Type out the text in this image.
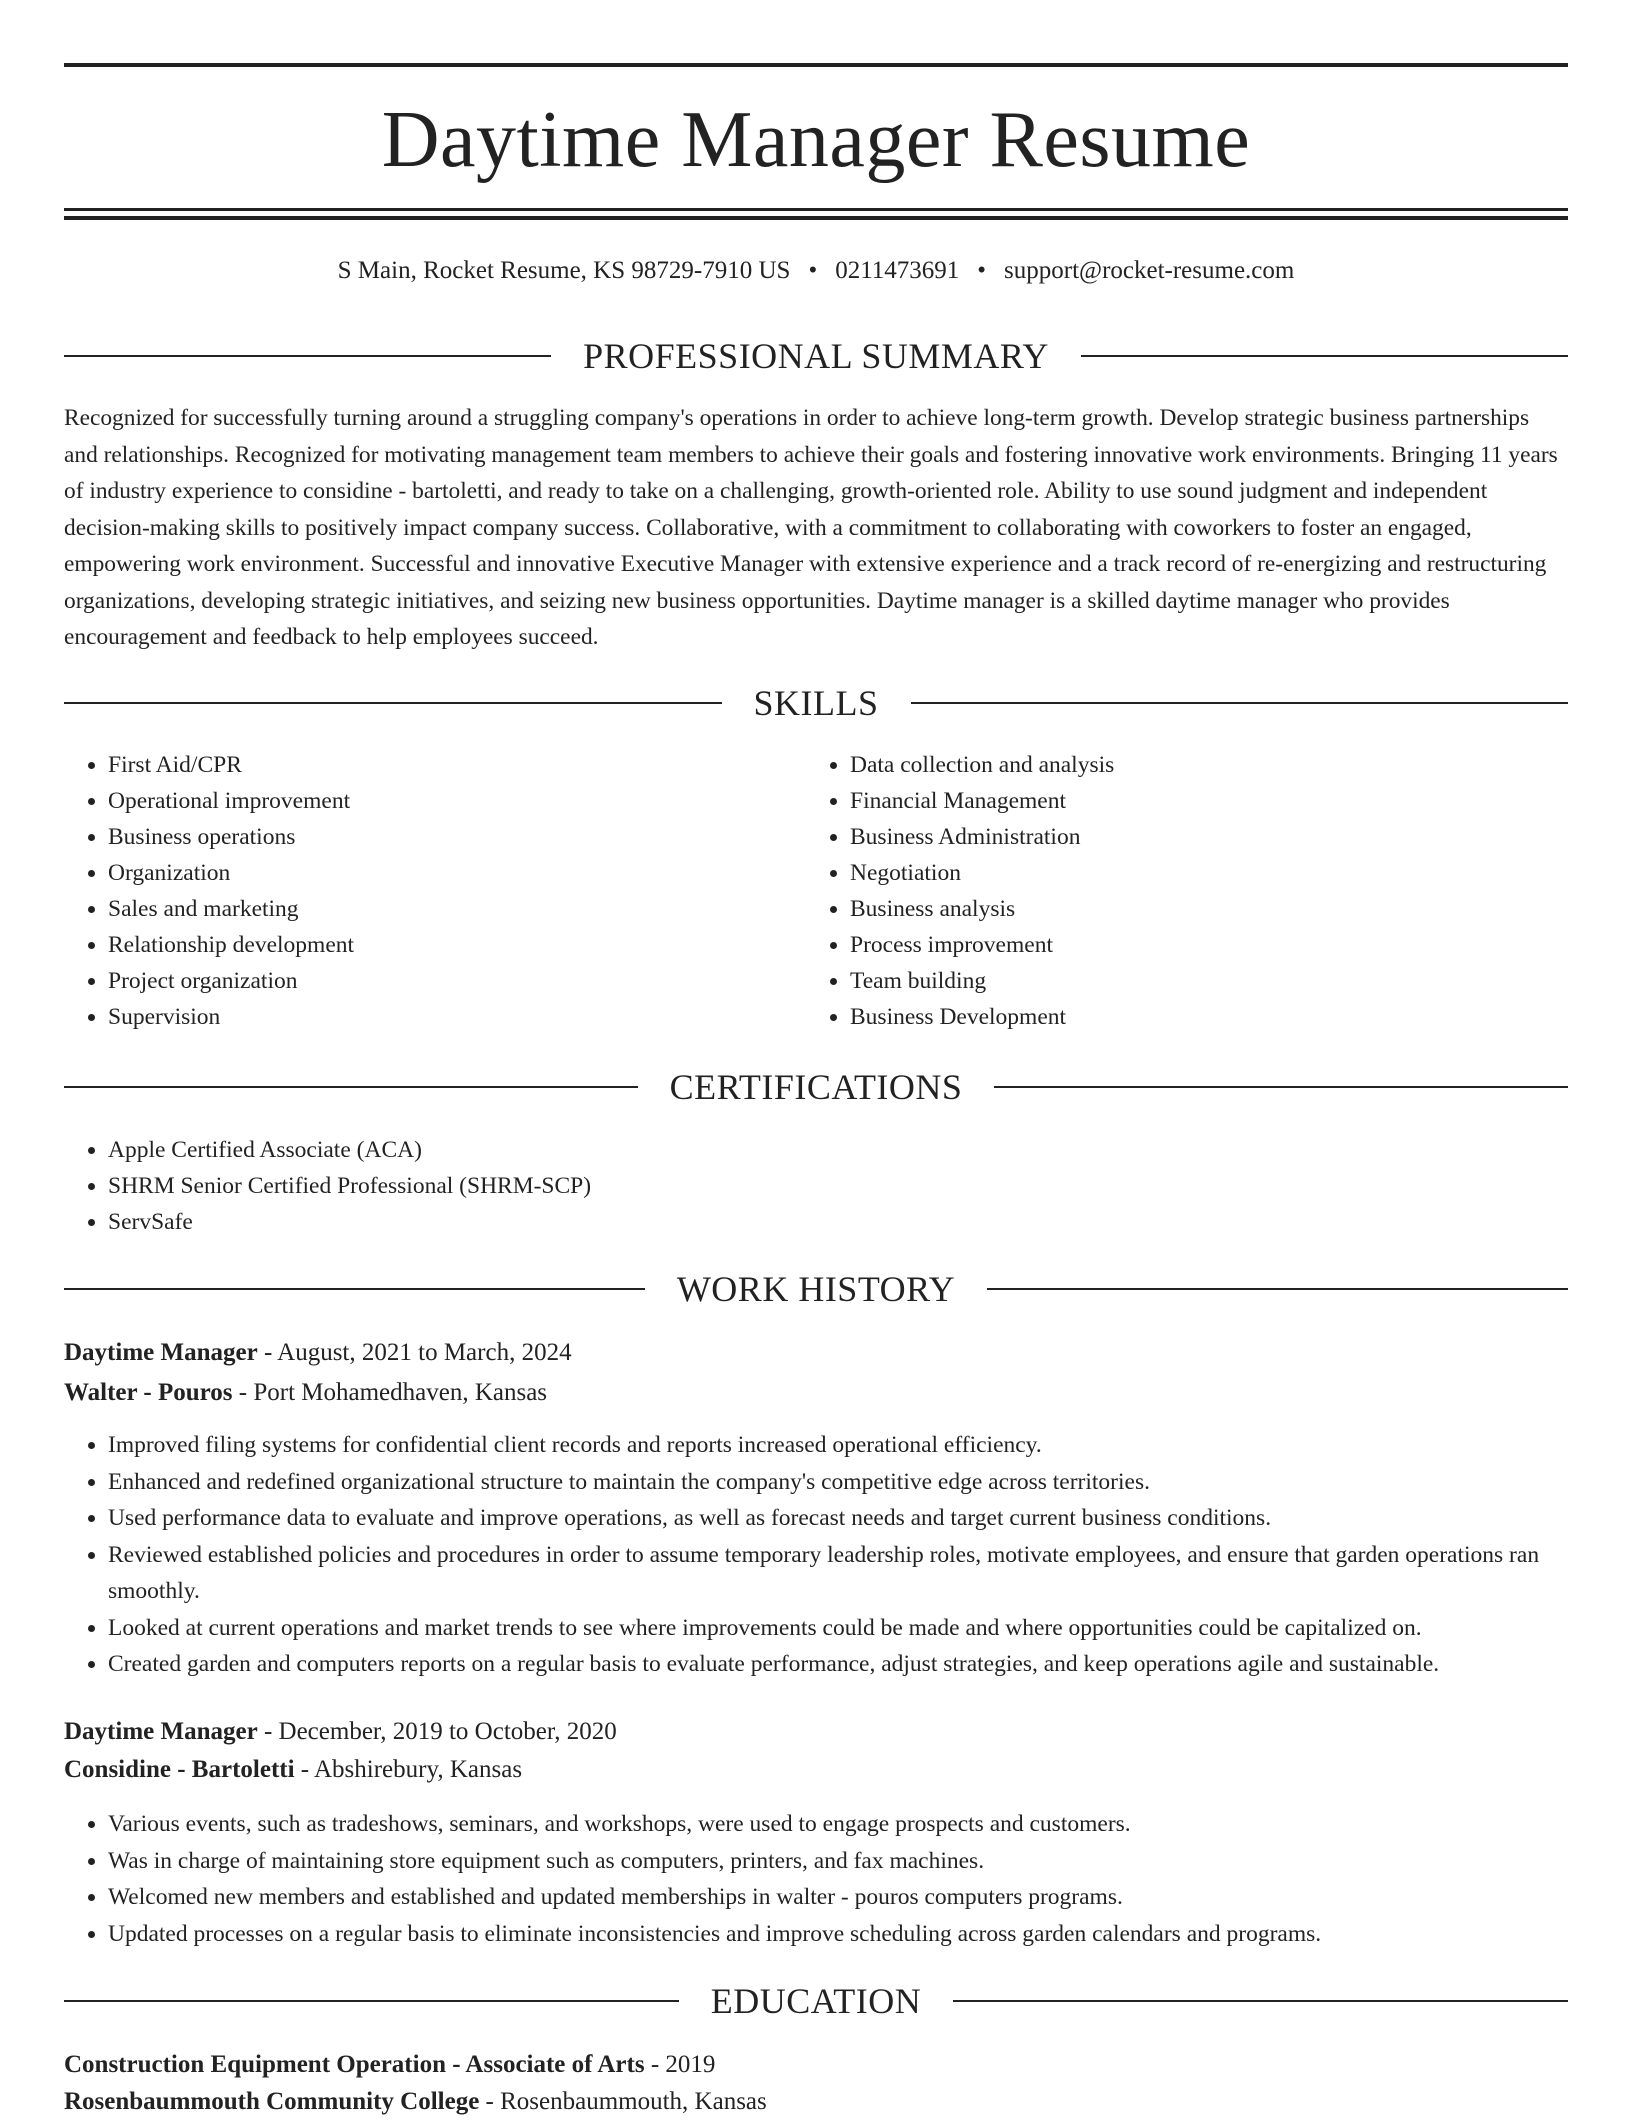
Daytime Manager Resume
S Main, Rocket Resume, KS 98729-7910 US • 0211473691 • support@rocket-resume.com
PROFESSIONAL SUMMARY

Recognized for successfully turning around a struggling company's operations in order to achieve long-term growth. Develop strategic business partnerships and relationships. Recognized for motivating management team members to achieve their goals and fostering innovative work environments. Bringing 11 years of industry experience to considine - bartoletti, and ready to take on a challenging, growth-oriented role. Ability to use sound judgment and independent decision-making skills to positively impact company success. Collaborative, with a commitment to collaborating with coworkers to foster an engaged, empowering work environment. Successful and innovative Executive Manager with extensive experience and a track record of re-energizing and restructuring organizations, developing strategic initiatives, and seizing new business opportunities. Daytime manager is a skilled daytime manager who provides encouragement and feedback to help employees succeed.

SKILLS
• First Aid/CPR
• Operational improvement
• Business operations
• Organization
• Sales and marketing
• Relationship development
• Project organization
• Supervision
• Data collection and analysis
• Financial Management
• Business Administration
• Negotiation
• Business analysis
• Process improvement
• Team building
• Business Development
CERTIFICATIONS
• Apple Certified Associate (ACA)
• SHRM Senior Certified Professional (SHRM-SCP)
• ServSafe
WORK HISTORY

Daytime Manager - August, 2021 to March, 2024

Walter - Pouros - Port Mohamedhaven, Kansas

• Improved filing systems for confidential client records and reports increased operational efficiency.
• Enhanced and redefined organizational structure to maintain the company's competitive edge across territories.
• Used performance data to evaluate and improve operations, as well as forecast needs and target current business conditions.
• Reviewed established policies and procedures in order to assume temporary leadership roles, motivate employees, and ensure that garden operations ran smoothly.
• Looked at current operations and market trends to see where improvements could be made and where opportunities could be capitalized on.
• Created garden and computers reports on a regular basis to evaluate performance, adjust strategies, and keep operations agile and sustainable.

Daytime Manager - December, 2019 to October, 2020

Considine - Bartoletti - Abshirebury, Kansas

• Various events, such as tradeshows, seminars, and workshops, were used to engage prospects and customers.
• Was in charge of maintaining store equipment such as computers, printers, and fax machines.
• Welcomed new members and established and updated memberships in walter - pouros computers programs.
• Updated processes on a regular basis to eliminate inconsistencies and improve scheduling across garden calendars and programs.
EDUCATION

Construction Equipment Operation - Associate of Arts - 2019

Rosenbaummouth Community College - Rosenbaummouth, Kansas
